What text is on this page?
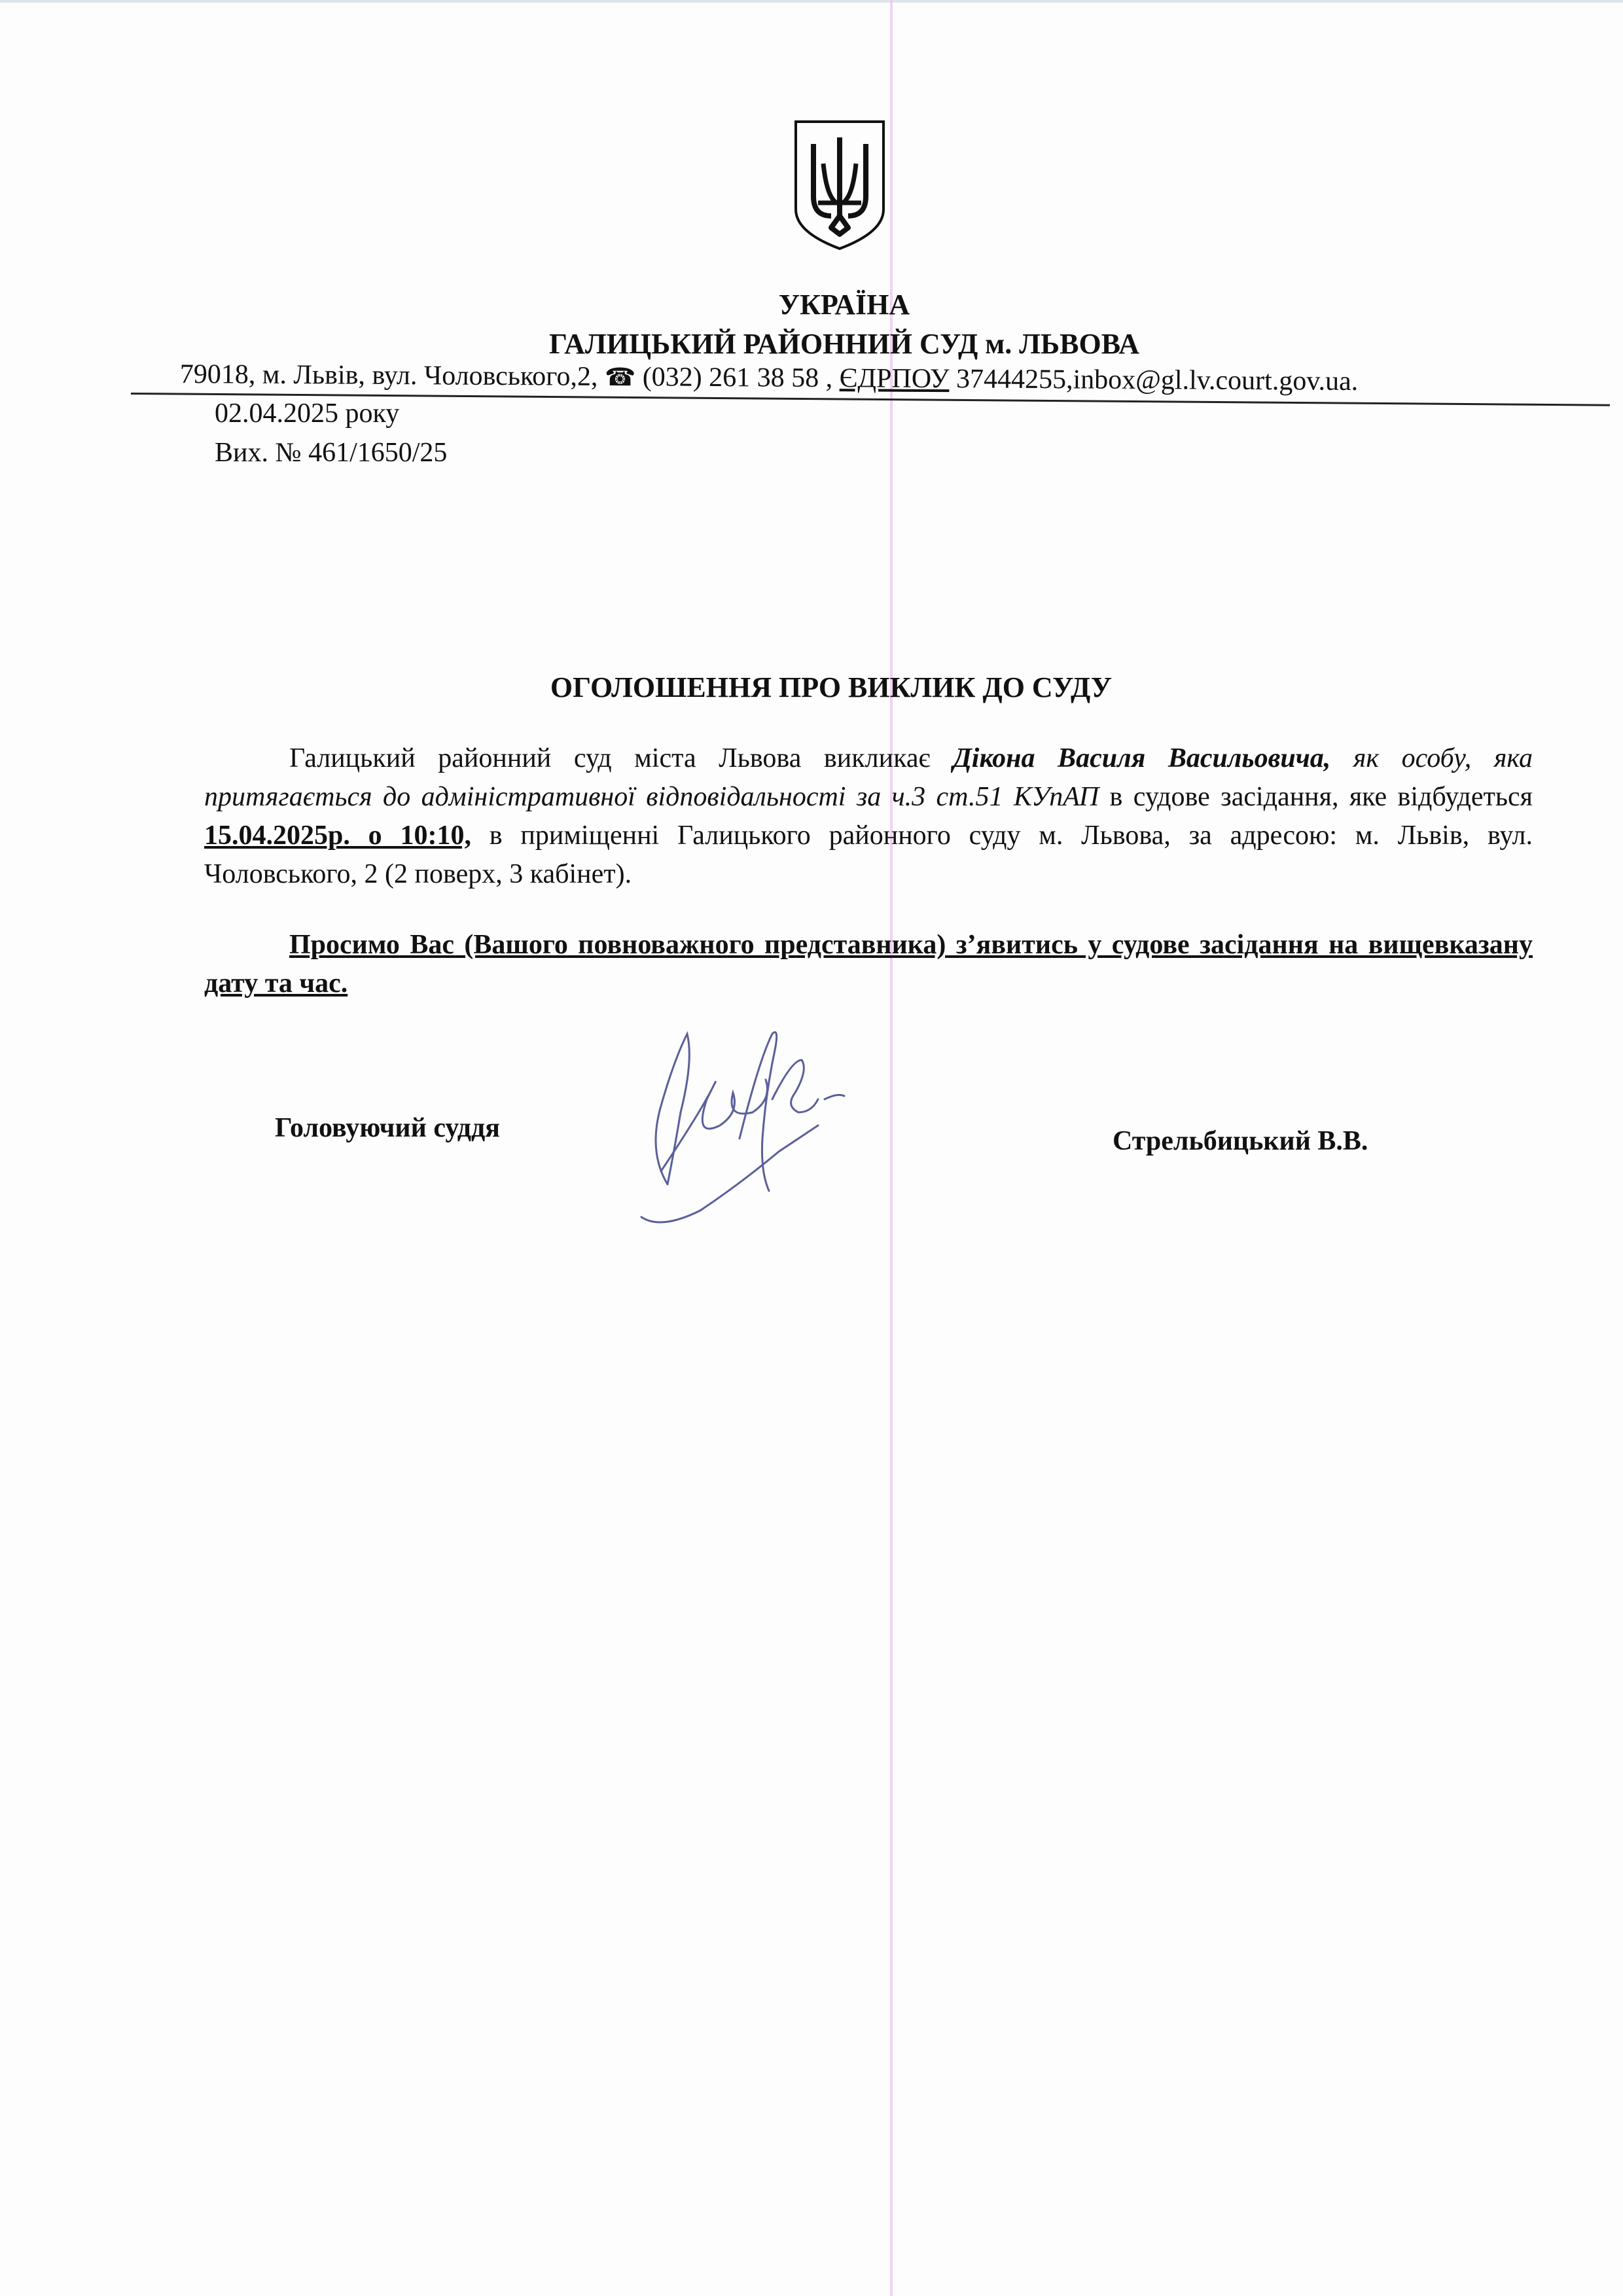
УКРАЇНА
ГАЛИЦЬКИЙ РАЙОННИЙ СУД м. ЛЬВОВА
79018, м. Львів, вул. Чоловського,2, ☎ (032) 261 38 58 , ЄДРПОУ 37444255,inbox@gl.lv.court.gov.ua.
02.04.2025 року
Вих. № 461/1650/25
ОГОЛОШЕННЯ ПРО ВИКЛИК ДО СУДУ
Галицький районний суд міста Львова викликає Дікона Василя Васильовича, як особу, яка притягається до адміністративної відповідальності за ч.3 ст.51 КУпАП в судове засідання, яке відбудеться 15.04.2025р. о 10:10, в приміщенні Галицького районного суду м. Львова, за адресою: м. Львів, вул. Чоловського, 2 (2 поверх, 3 кабінет).
Просимо Вас (Вашого повноважного представника) з’явитись у судове засідання на вищевказану дату та час.
Головуючий суддя	Стрельбицький В.В.
